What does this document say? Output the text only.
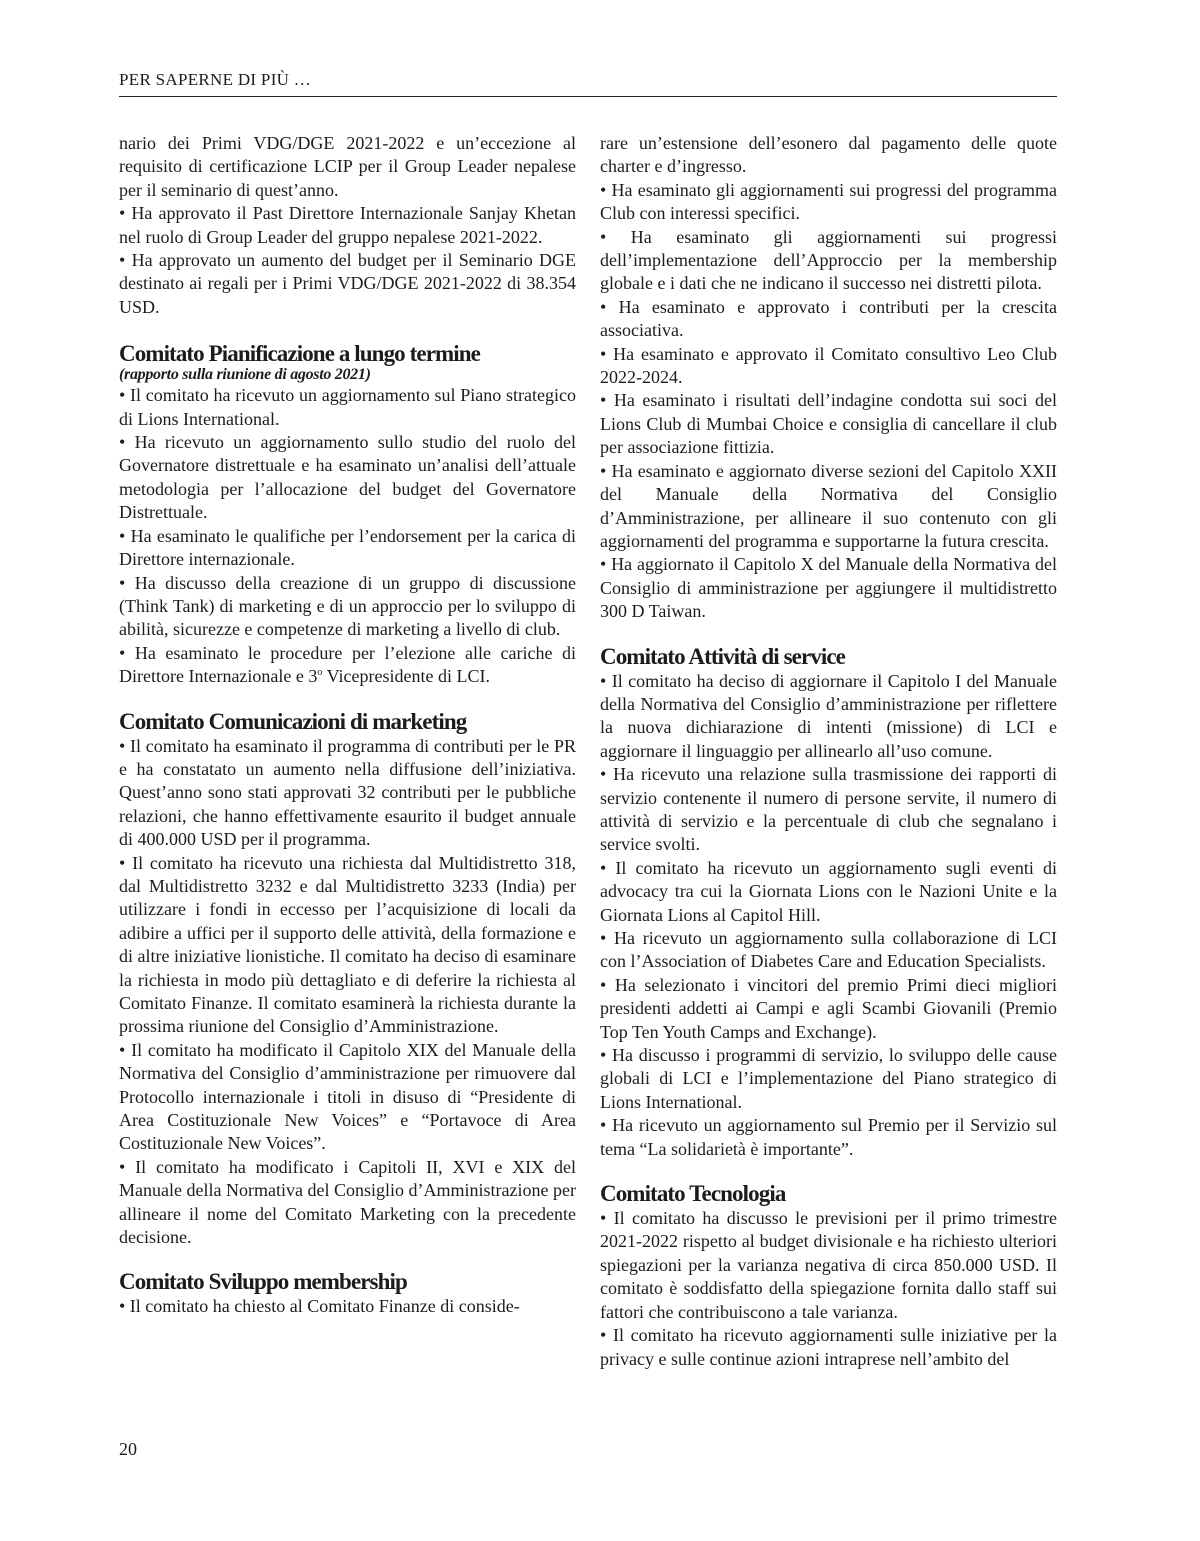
PER SAPERNE DI PIÙ …

nario dei Primi VDG/DGE 2021-2022 e un’eccezione al requisito di certificazione LCIP per il Group Leader nepalese per il seminario di quest’anno.

• Ha approvato il Past Direttore Internazionale Sanjay Khetan nel ruolo di Group Leader del gruppo nepalese 2021-2022.

• Ha approvato un aumento del budget per il Seminario DGE destinato ai regali per i Primi VDG/DGE 2021-2022 di 38.354 USD.

Comitato Pianificazione a lungo termine
(rapporto sulla riunione di agosto 2021)

• Il comitato ha ricevuto un aggiornamento sul Piano strategico di Lions International.

• Ha ricevuto un aggiornamento sullo studio del ruolo del Governatore distrettuale e ha esaminato un’analisi dell’attuale metodologia per l’allocazione del budget del Governatore Distrettuale.

• Ha esaminato le qualifiche per l’endorsement per la carica di Direttore internazionale.

• Ha discusso della creazione di un gruppo di discussione (Think Tank) di marketing e di un approccio per lo sviluppo di abilità, sicurezze e competenze di marketing a livello di club.

• Ha esaminato le procedure per l’elezione alle cariche di Direttore Internazionale e 3$^o$ Vicepresidente di LCI.

Comitato Comunicazioni di marketing

• Il comitato ha esaminato il programma di contributi per le PR e ha constatato un aumento nella diffusione dell’iniziativa. Quest’anno sono stati approvati 32 contributi per le pubbliche relazioni, che hanno effettivamente esaurito il budget annuale di 400.000 USD per il programma.

• Il comitato ha ricevuto una richiesta dal Multidistretto 318, dal Multidistretto 3232 e dal Multidistretto 3233 (India) per utilizzare i fondi in eccesso per l’acquisizione di locali da adibire a uffici per il supporto delle attività, della formazione e di altre iniziative lionistiche. Il comitato ha deciso di esaminare la richiesta in modo più dettagliato e di deferire la richiesta al Comitato Finanze. Il comitato esaminerà la richiesta durante la prossima riunione del Consiglio d’Amministrazione.

• Il comitato ha modificato il Capitolo XIX del Manuale della Normativa del Consiglio d’amministrazione per rimuovere dal Protocollo internazionale i titoli in disuso di “Presidente di Area Costituzionale New Voices” e “Portavoce di Area Costituzionale New Voices”.

• Il comitato ha modificato i Capitoli II, XVI e XIX del Manuale della Normativa del Consiglio d’Amministrazione per allineare il nome del Comitato Marketing con la precedente decisione.

Comitato Sviluppo membership

• Il comitato ha chiesto al Comitato Finanze di conside-

rare un’estensione dell’esonero dal pagamento delle quote charter e d’ingresso.

• Ha esaminato gli aggiornamenti sui progressi del programma Club con interessi specifici.

• Ha esaminato gli aggiornamenti sui progressi dell’implementazione dell’Approccio per la membership globale e i dati che ne indicano il successo nei distretti pilota.

• Ha esaminato e approvato i contributi per la crescita associativa.

• Ha esaminato e approvato il Comitato consultivo Leo Club 2022-2024.

• Ha esaminato i risultati dell’indagine condotta sui soci del Lions Club di Mumbai Choice e consiglia di cancellare il club per associazione fittizia.

• Ha esaminato e aggiornato diverse sezioni del Capitolo XXII del Manuale della Normativa del Consiglio d’Amministrazione, per allineare il suo contenuto con gli aggiornamenti del programma e supportarne la futura crescita.

• Ha aggiornato il Capitolo X del Manuale della Normativa del Consiglio di amministrazione per aggiungere il multidistretto 300 D Taiwan.

Comitato Attività di service

• Il comitato ha deciso di aggiornare il Capitolo I del Manuale della Normativa del Consiglio d’amministrazione per riflettere la nuova dichiarazione di intenti (missione) di LCI e aggiornare il linguaggio per allinearlo all’uso comune.

• Ha ricevuto una relazione sulla trasmissione dei rapporti di servizio contenente il numero di persone servite, il numero di attività di servizio e la percentuale di club che segnalano i service svolti.

• Il comitato ha ricevuto un aggiornamento sugli eventi di advocacy tra cui la Giornata Lions con le Nazioni Unite e la Giornata Lions al Capitol Hill.

• Ha ricevuto un aggiornamento sulla collaborazione di LCI con l’Association of Diabetes Care and Education Specialists.

• Ha selezionato i vincitori del premio Primi dieci migliori presidenti addetti ai Campi e agli Scambi Giovanili (Premio Top Ten Youth Camps and Exchange).

• Ha discusso i programmi di servizio, lo sviluppo delle cause globali di LCI e l’implementazione del Piano strategico di Lions International.

• Ha ricevuto un aggiornamento sul Premio per il Servizio sul tema “La solidarietà è importante”.

Comitato Tecnologia

• Il comitato ha discusso le previsioni per il primo trimestre 2021-2022 rispetto al budget divisionale e ha richiesto ulteriori spiegazioni per la varianza negativa di circa 850.000 USD. Il comitato è soddisfatto della spiegazione fornita dallo staff sui fattori che contribuiscono a tale varianza.

• Il comitato ha ricevuto aggiornamenti sulle iniziative per la privacy e sulle continue azioni intraprese nell’ambito del

20
